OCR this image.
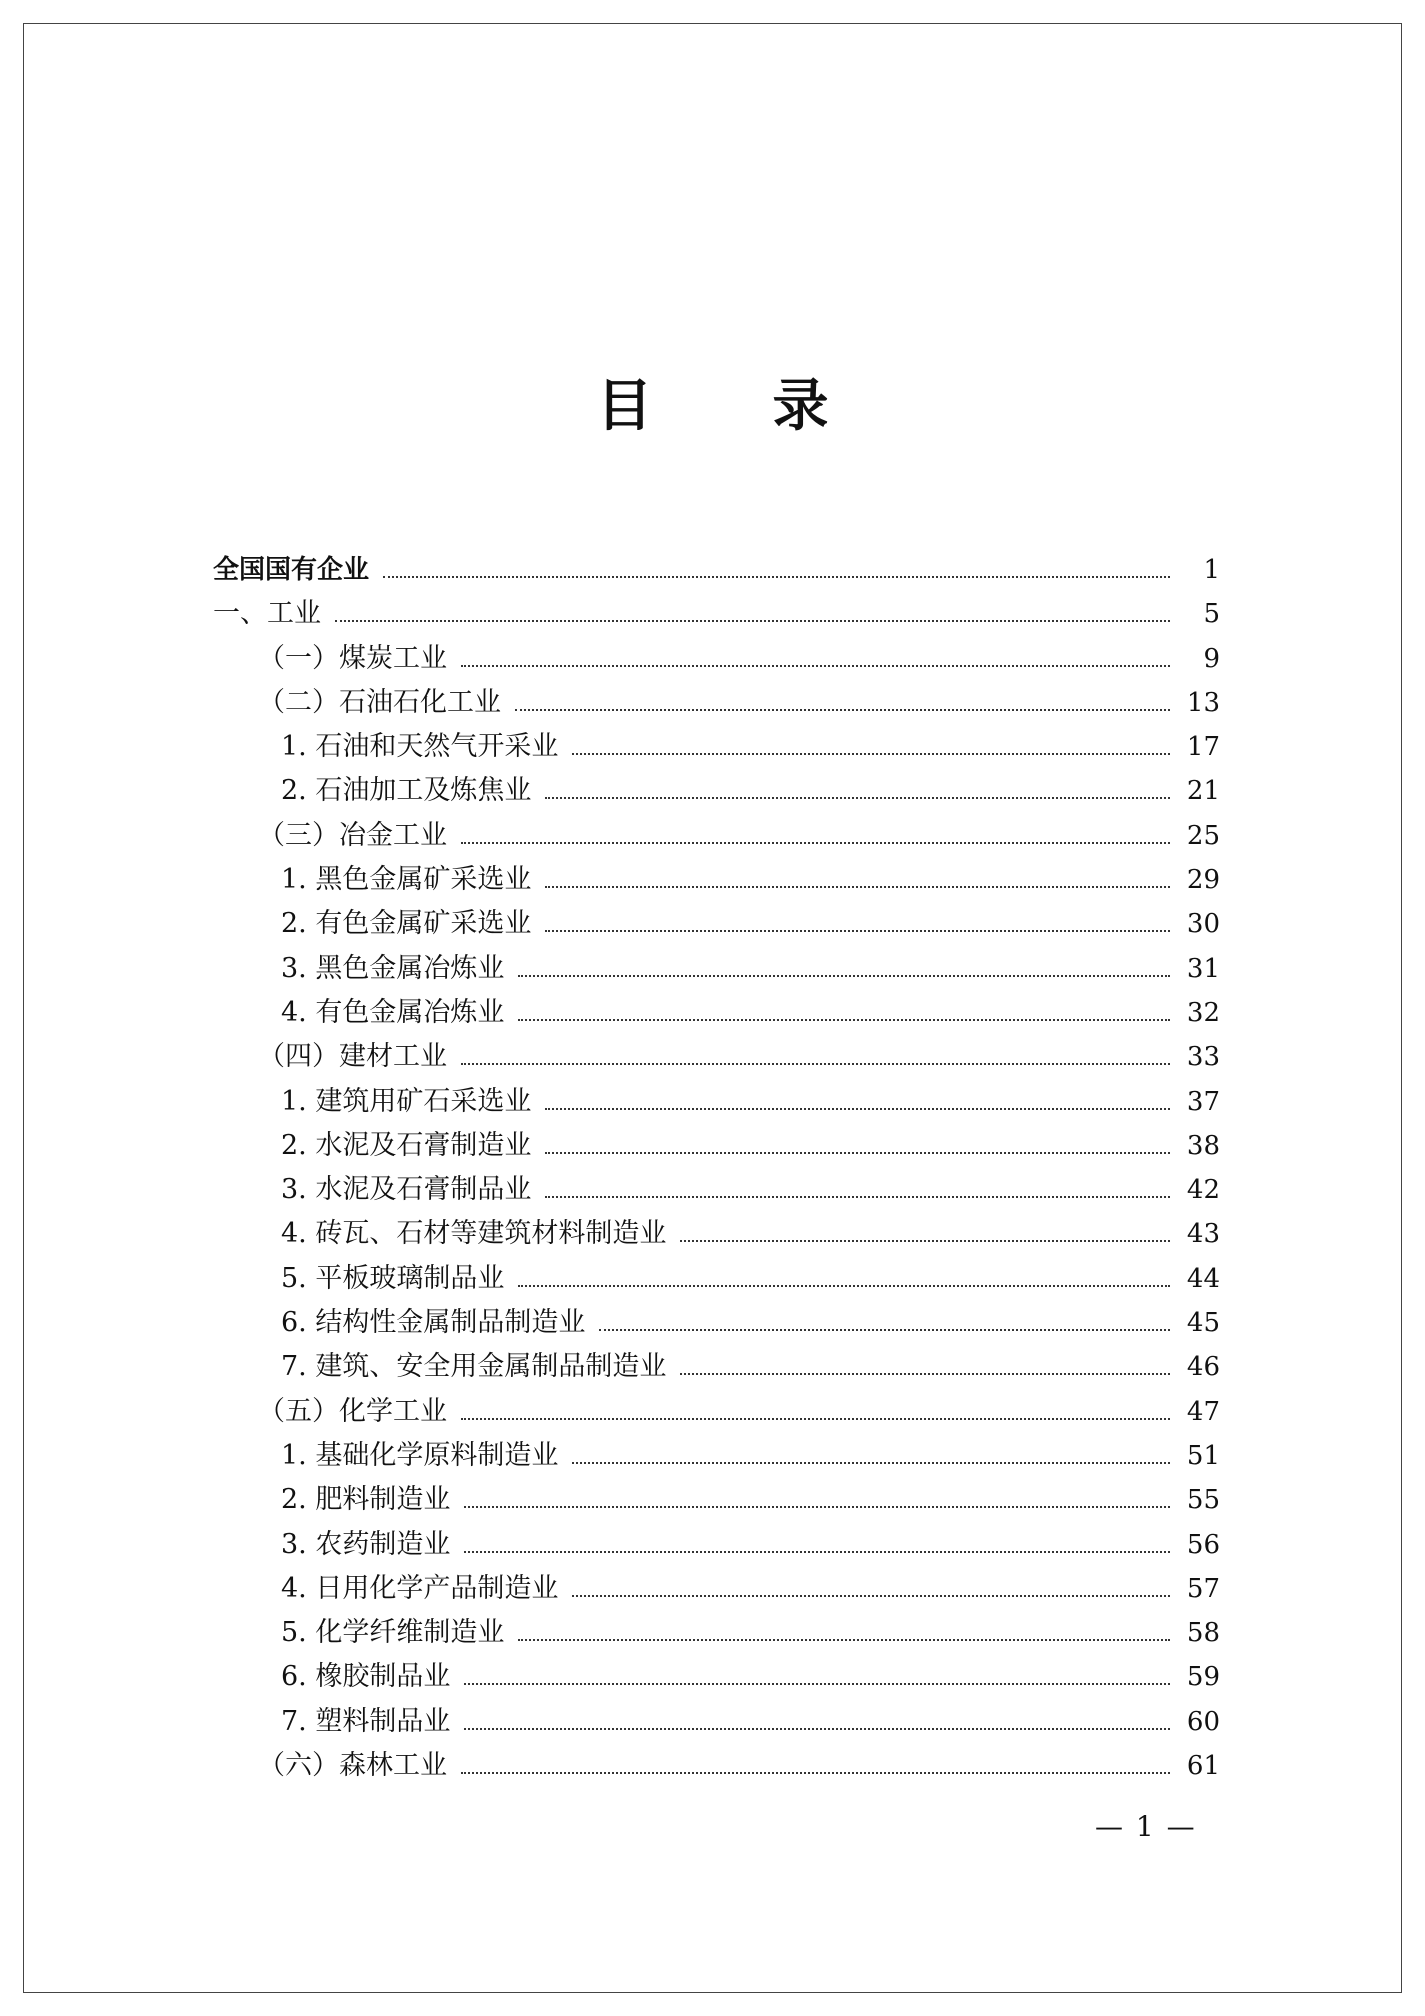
目 录
全国国有企业	1
一、工业	5
（一）煤炭工业	9
（二）石油石化工业	13
1. 石油和天然气开采业	17
2. 石油加工及炼焦业	21
（三）冶金工业	25
1. 黑色金属矿采选业	29
2. 有色金属矿采选业	30
3. 黑色金属冶炼业	31
4. 有色金属冶炼业	32
（四）建材工业	33
1. 建筑用矿石采选业	37
2. 水泥及石膏制造业	38
3. 水泥及石膏制品业	42
4. 砖瓦、石材等建筑材料制造业	43
5. 平板玻璃制品业	44
6. 结构性金属制品制造业	45
7. 建筑、安全用金属制品制造业	46
（五）化学工业	47
1. 基础化学原料制造业	51
2. 肥料制造业	55
3. 农药制造业	56
4. 日用化学产品制造业	57
5. 化学纤维制造业	58
6. 橡胶制品业	59
7. 塑料制品业	60
（六）森林工业	61
— 1 —
